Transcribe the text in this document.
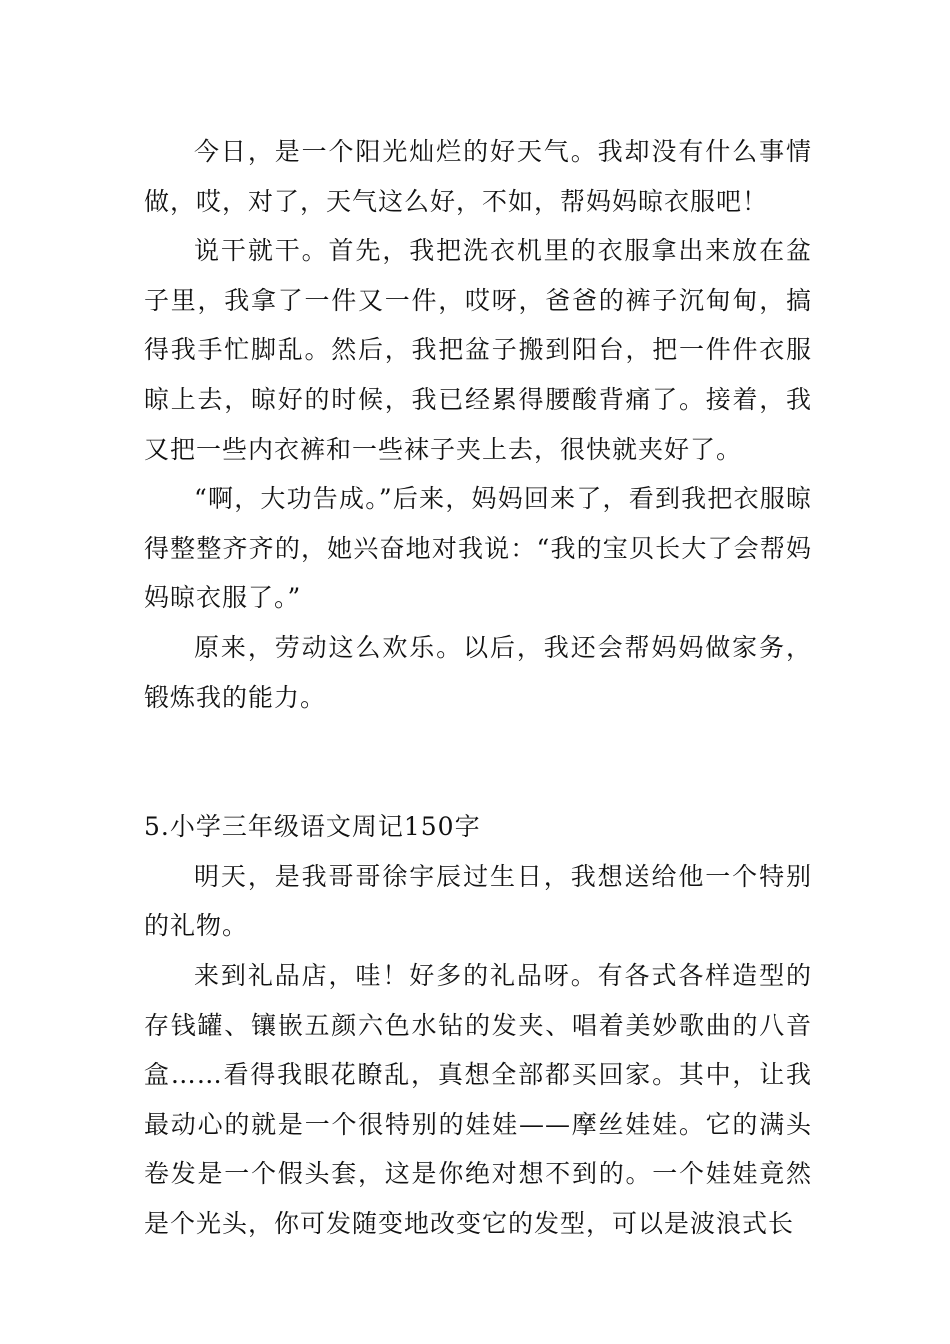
今日，是一个阳光灿烂的好天气。我却没有什么事情做，哎，对了，天气这么好，不如，帮妈妈晾衣服吧！

说干就干。首先，我把洗衣机里的衣服拿出来放在盆子里，我拿了一件又一件，哎呀，爸爸的裤子沉甸甸，搞得我手忙脚乱。然后，我把盆子搬到阳台，把一件件衣服晾上去，晾好的时候，我已经累得腰酸背痛了。接着，我又把一些内衣裤和一些袜子夹上去，很快就夹好了。

“啊，大功告成。”后来，妈妈回来了，看到我把衣服晾得整整齐齐的，她兴奋地对我说：“我的宝贝长大了会帮妈妈晾衣服了。”

原来，劳动这么欢乐。以后，我还会帮妈妈做家务，锻炼我的能力。

5.小学三年级语文周记150字

明天，是我哥哥徐宇辰过生日，我想送给他一个特别的礼物。

来到礼品店，哇！好多的礼品呀。有各式各样造型的存钱罐、镶嵌五颜六色水钻的发夹、唱着美妙歌曲的八音盒……看得我眼花瞭乱，真想全部都买回家。其中，让我最动心的就是一个很特别的娃娃——摩丝娃娃。它的满头卷发是一个假头套，这是你绝对想不到的。一个娃娃竟然是个光头，你可发随变地改变它的发型，可以是波浪式长
